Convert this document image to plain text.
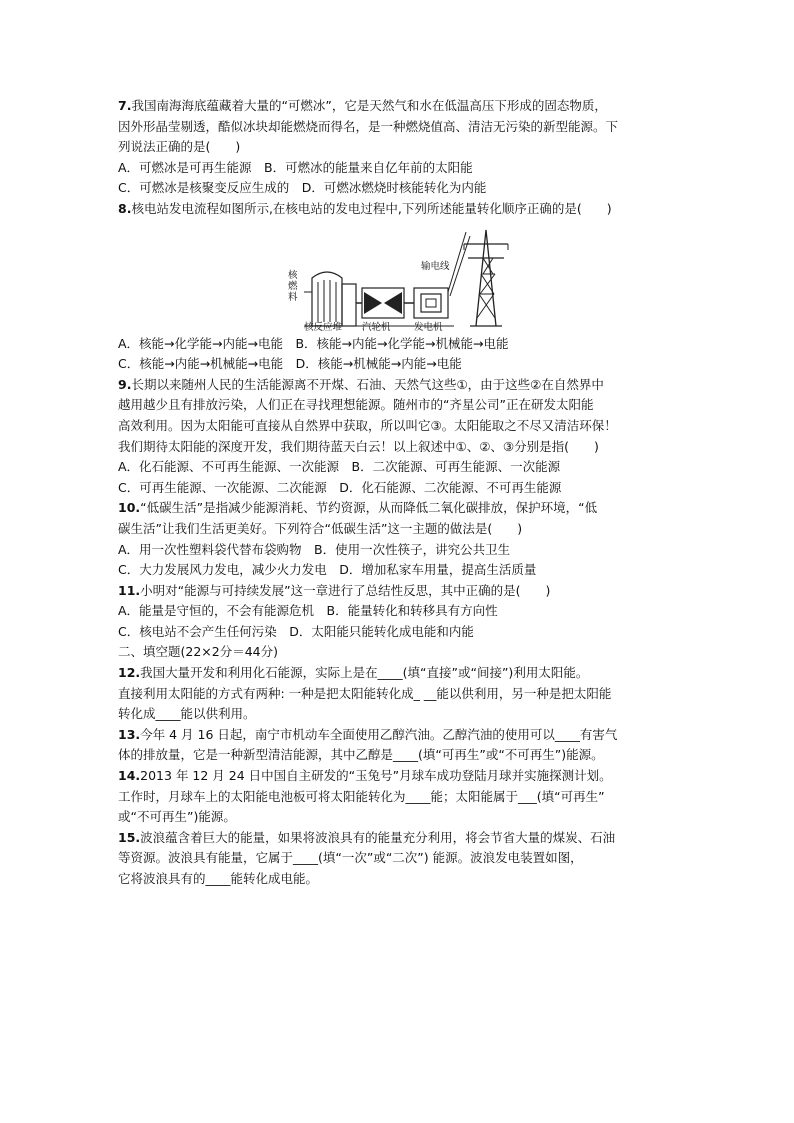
7.我国南海海底蕴藏着大量的“可燃冰”，它是天然气和水在低温高压下形成的固态物质，
因外形晶莹剔透，酷似冰块却能燃烧而得名，是一种燃烧值高、清洁无污染的新型能源。下
列说法正确的是(　　)
A．可燃冰是可再生能源　B．可燃冰的能量来自亿年前的太阳能
C．可燃冰是核聚变反应生成的　D．可燃冰燃烧时核能转化为内能
8.核电站发电流程如图所示,在核电站的发电过程中,下列所述能量转化顺序正确的是(　　)
核
燃
料
核反应堆 汽轮机 发电机
输电线
A．核能→化学能→内能→电能　B．核能→内能→化学能→机械能→电能
C．核能→内能→机械能→电能　D．核能→机械能→内能→电能
9.长期以来随州人民的生活能源离不开煤、石油、天然气这些①，由于这些②在自然界中
越用越少且有排放污染，人们正在寻找理想能源。随州市的“齐星公司”正在研发太阳能
高效利用。因为太阳能可直接从自然界中获取，所以叫它③。太阳能取之不尽又清洁环保！
我们期待太阳能的深度开发，我们期待蓝天白云！以上叙述中①、②、③分别是指(　　)
A．化石能源、不可再生能源、一次能源　B．二次能源、可再生能源、一次能源
C．可再生能源、一次能源、二次能源　D．化石能源、二次能源、不可再生能源
10.“低碳生活”是指减少能源消耗、节约资源，从而降低二氧化碳排放，保护环境，“低
碳生活”让我们生活更美好。下列符合“低碳生活”这一主题的做法是(　　)
A．用一次性塑料袋代替布袋购物　B．使用一次性筷子，讲究公共卫生
C．大力发展风力发电，减少火力发电　D．增加私家车用量，提高生活质量
11.小明对“能源与可持续发展”这一章进行了总结性反思，其中正确的是(　　)
A．能量是守恒的，不会有能源危机　B．能量转化和转移具有方向性
C．核电站不会产生任何污染　D．太阳能只能转化成电能和内能
二、填空题(22×2分＝44分)
12.我国大量开发和利用化石能源，实际上是在____(填“直接”或“间接”)利用太阳能。
直接利用太阳能的方式有两种: 一种是把太阳能转化成_ __能以供利用，另一种是把太阳能
转化成____能以供利用。
13.今年 4 月 16 日起，南宁市机动车全面使用乙醇汽油。乙醇汽油的使用可以____有害气
体的排放量，它是一种新型清洁能源，其中乙醇是____(填“可再生”或“不可再生”)能源。
14.2013 年 12 月 24 日中国自主研发的“玉兔号”月球车成功登陆月球并实施探测计划。
工作时，月球车上的太阳能电池板可将太阳能转化为____能；太阳能属于___(填“可再生”
或“不可再生”)能源。
15.波浪蕴含着巨大的能量，如果将波浪具有的能量充分利用，将会节省大量的煤炭、石油
等资源。波浪具有能量，它属于____(填“一次”或“二次”) 能源。波浪发电装置如图，
它将波浪具有的____能转化成电能。
